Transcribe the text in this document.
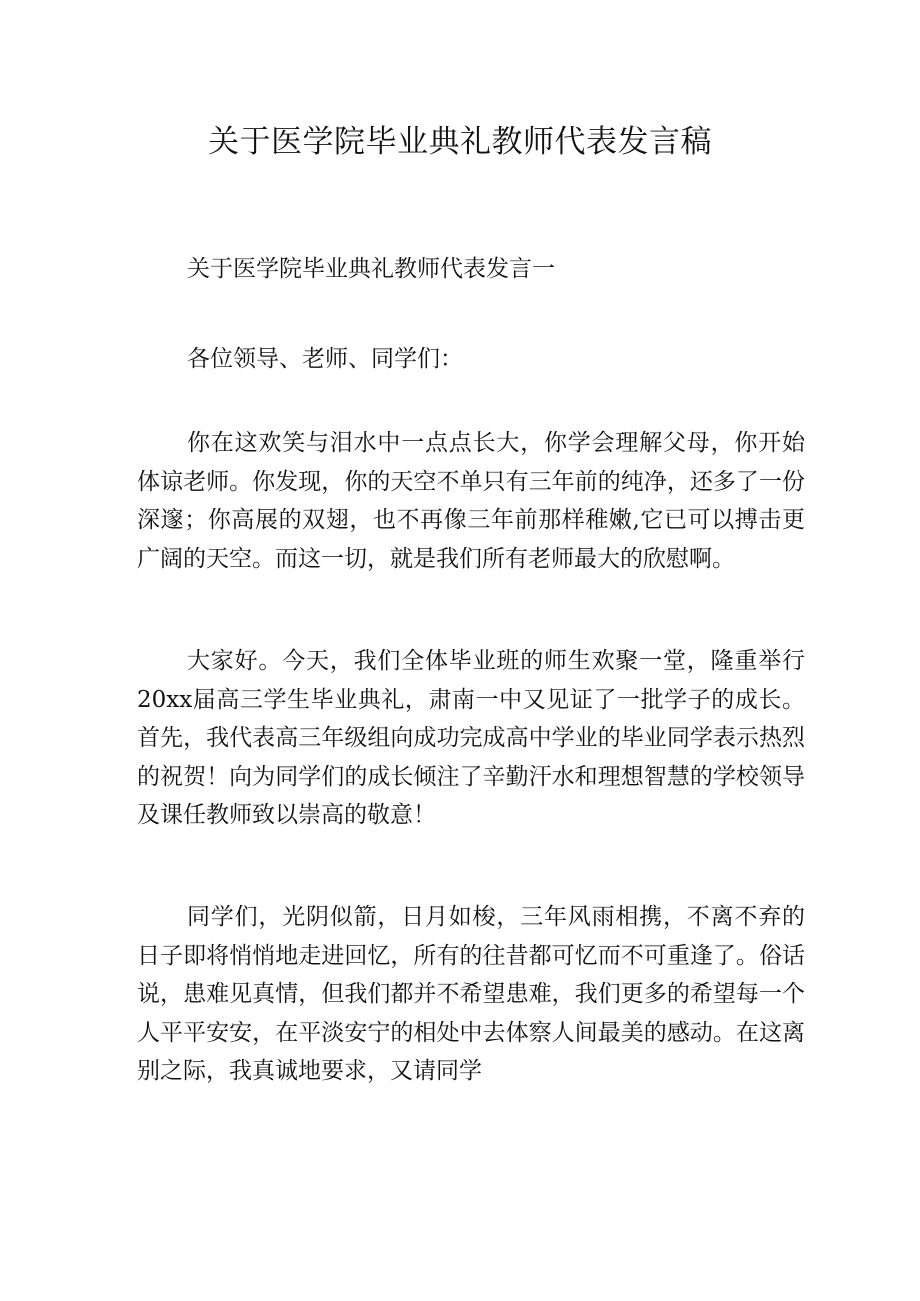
关于医学院毕业典礼教师代表发言稿

关于医学院毕业典礼教师代表发言一

各位领导、老师、同学们：

你在这欢笑与泪水中一点点长大，你学会理解父母，你开始体谅老师。你发现，你的天空不单只有三年前的纯净，还多了一份深邃；你高展的双翅，也不再像三年前那样稚嫩,它已可以搏击更广阔的天空。而这一切，就是我们所有老师最大的欣慰啊。

大家好。今天，我们全体毕业班的师生欢聚一堂，隆重举行20xx届高三学生毕业典礼，肃南一中又见证了一批学子的成长。首先，我代表高三年级组向成功完成高中学业的毕业同学表示热烈的祝贺！向为同学们的成长倾注了辛勤汗水和理想智慧的学校领导及课任教师致以崇高的敬意！

同学们，光阴似箭，日月如梭，三年风雨相携，不离不弃的日子即将悄悄地走进回忆，所有的往昔都可忆而不可重逢了。俗话说，患难见真情，但我们都并不希望患难，我们更多的希望每一个人平平安安，在平淡安宁的相处中去体察人间最美的感动。在这离别之际，我真诚地要求，又请同学
